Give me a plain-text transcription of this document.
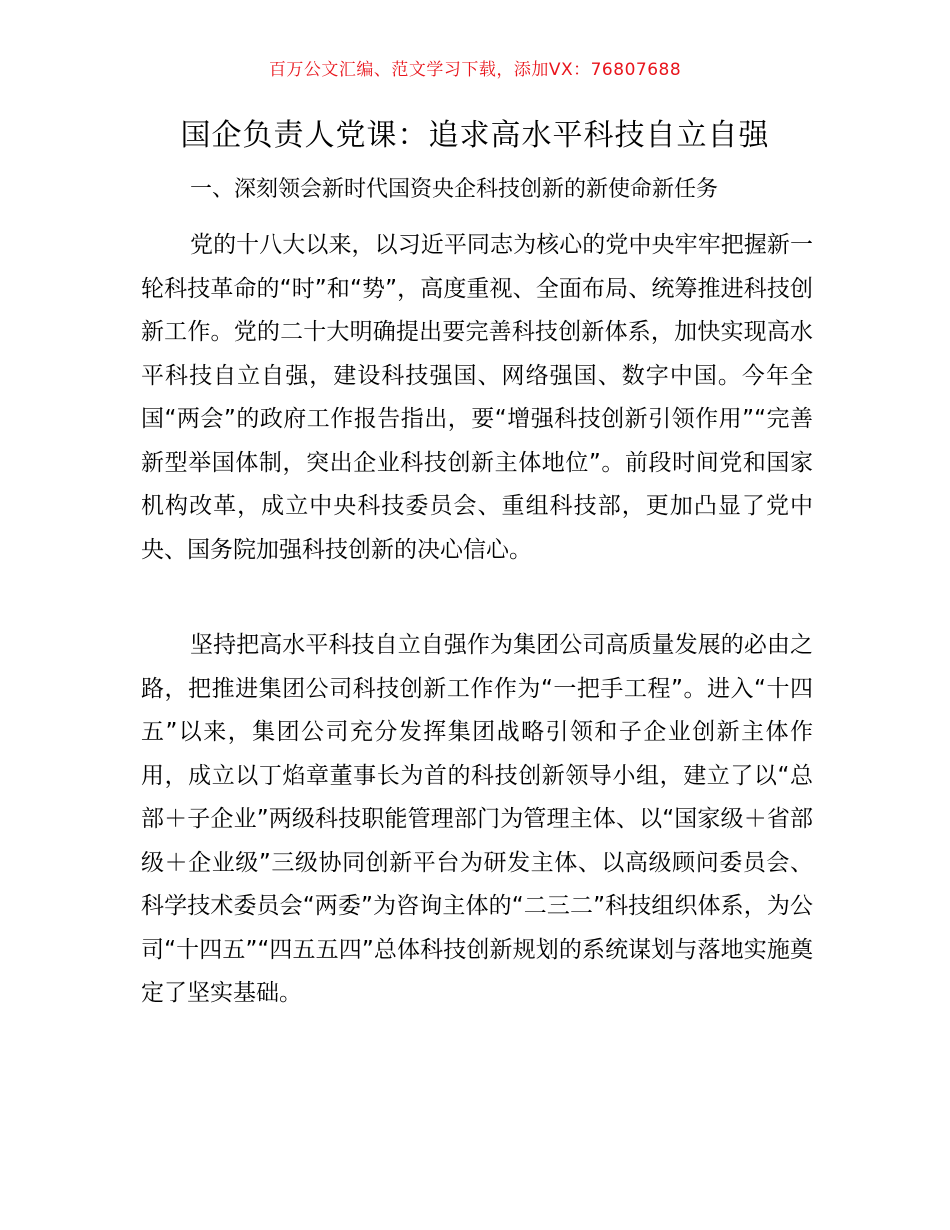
百万公文汇编、范文学习下载，添加VX：76807688
国企负责人党课：追求高水平科技自立自强
一、深刻领会新时代国资央企科技创新的新使命新任务

党的十八大以来，以习近平同志为核心的党中央牢牢把握新一轮科技革命的“时”和“势”，高度重视、全面布局、统筹推进科技创新工作。党的二十大明确提出要完善科技创新体系，加快实现高水平科技自立自强，建设科技强国、网络强国、数字中国。今年全国“两会”的政府工作报告指出，要“增强科技创新引领作用”“完善新型举国体制，突出企业科技创新主体地位”。前段时间党和国家机构改革，成立中央科技委员会、重组科技部，更加凸显了党中央、国务院加强科技创新的决心信心。

坚持把高水平科技自立自强作为集团公司高质量发展的必由之路，把推进集团公司科技创新工作作为“一把手工程”。进入“十四五”以来，集团公司充分发挥集团战略引领和子企业创新主体作用，成立以丁焰章董事长为首的科技创新领导小组，建立了以“总部＋子企业”两级科技职能管理部门为管理主体、以“国家级＋省部级＋企业级”三级协同创新平台为研发主体、以高级顾问委员会、科学技术委员会“两委”为咨询主体的“二三二”科技组织体系，为公司“十四五”“四五五四”总体科技创新规划的系统谋划与落地实施奠定了坚实基础。
